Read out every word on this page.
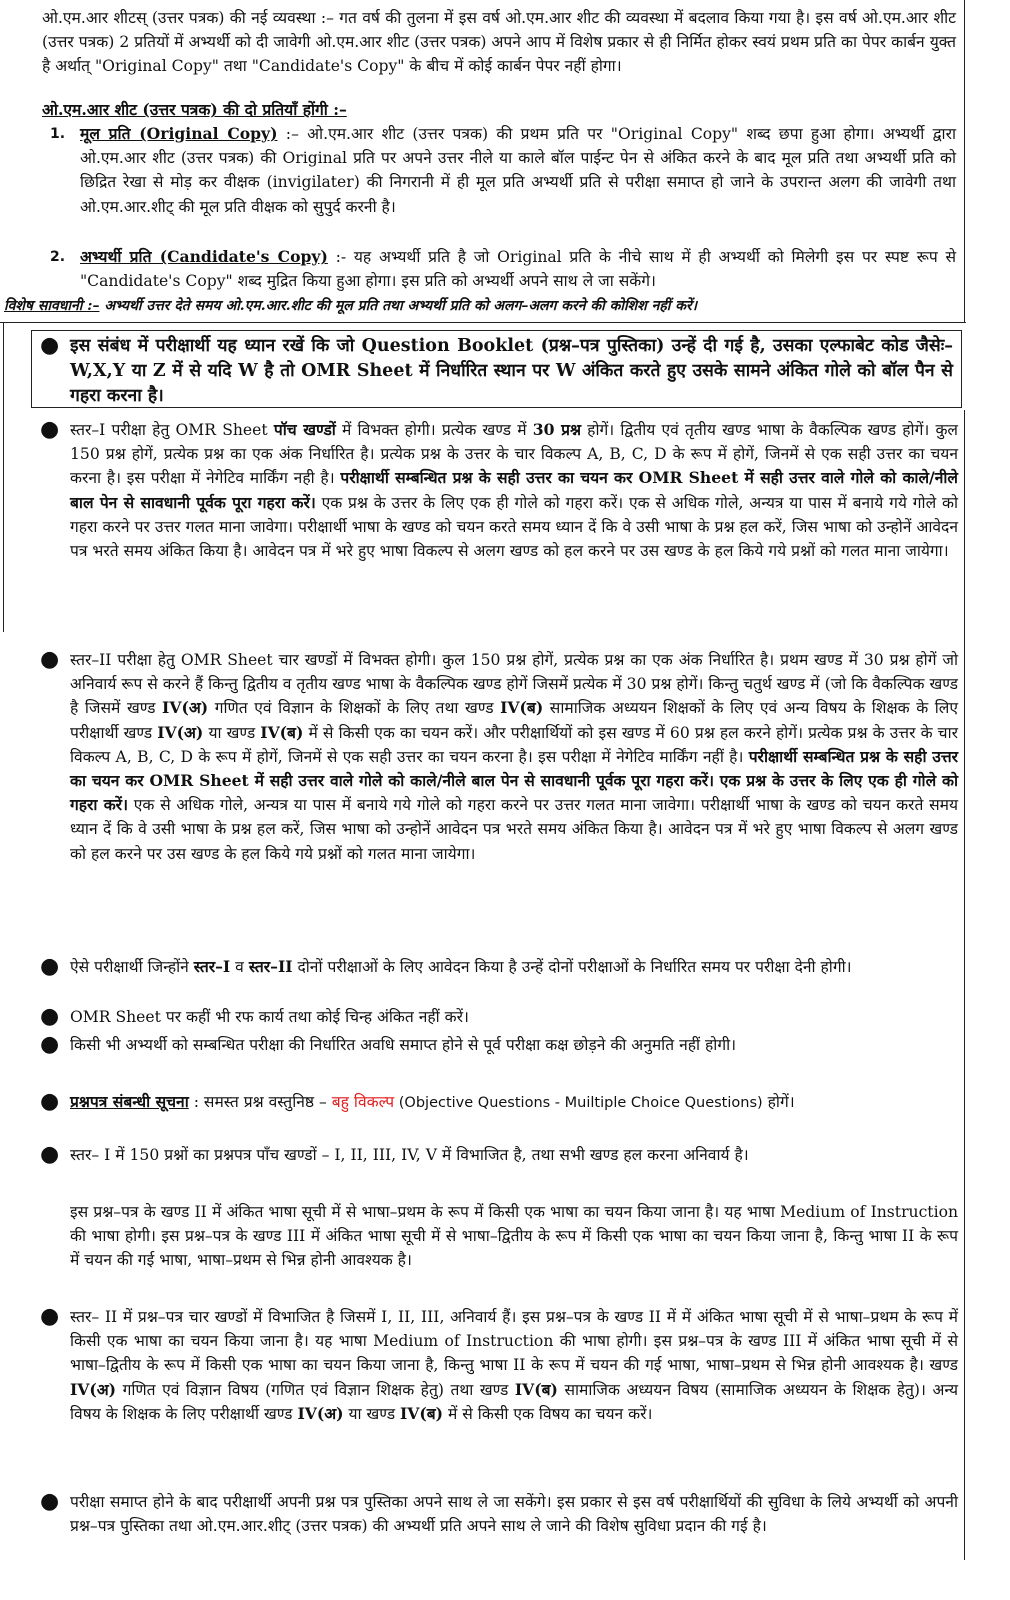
ओ.एम.आर शीटस् (उत्तर पत्रक) की नई व्यवस्था :– गत वर्ष की तुलना में इस वर्ष ओ.एम.आर शीट की व्यवस्था में बदलाव किया गया है। इस वर्ष ओ.एम.आर शीट (उत्तर पत्रक) 2 प्रतियों में अभ्यर्थी को दी जावेगी ओ.एम.आर शीट (उत्तर पत्रक) अपने आप में विशेष प्रकार से ही निर्मित होकर स्वयं प्रथम प्रति का पेपर कार्बन युक्त है अर्थात् "Original Copy" तथा "Candidate's Copy" के बीच में कोई कार्बन पेपर नहीं होगा।

ओ.एम.आर शीट (उत्तर पत्रक) की दो प्रतियाँ होंगी :–

1. मूल प्रति (Original Copy) :– ओ.एम.आर शीट (उत्तर पत्रक) की प्रथम प्रति पर "Original Copy" शब्द छपा हुआ होगा। अभ्यर्थी द्वारा ओ.एम.आर शीट (उत्तर पत्रक) की Original प्रति पर अपने उत्तर नीले या काले बॉल पाईन्ट पेन से अंकित करने के बाद मूल प्रति तथा अभ्यर्थी प्रति को छिद्रित रेखा से मोड़ कर वीक्षक (invigilater) की निगरानी में ही मूल प्रति अभ्यर्थी प्रति से परीक्षा समाप्त हो जाने के उपरान्त अलग की जावेगी तथा ओ.एम.आर.शीट् की मूल प्रति वीक्षक को सुपुर्द करनी है।
2. अभ्यर्थी प्रति (Candidate's Copy) :- यह अभ्यर्थी प्रति है जो Original प्रति के नीचे साथ में ही अभ्यर्थी को मिलेगी इस पर स्पष्ट रूप से "Candidate's Copy" शब्द मुद्रित किया हुआ होगा। इस प्रति को अभ्यर्थी अपने साथ ले जा सकेंगे।

विशेष सावधानी :– अभ्यर्थी उत्तर देते समय ओ.एम.आर.शीट की मूल प्रति तथा अभ्यर्थी प्रति को अलग–अलग करने की कोशिश नहीं करें।

● इस संबंध में परीक्षार्थी यह ध्यान रखें कि जो Question Booklet (प्रश्न–पत्र पुस्तिका) उन्हें दी गई है, उसका एल्फाबेट कोड जैसेः– W,X,Y या Z में से यदि W है तो OMR Sheet में निर्धारित स्थान पर W अंकित करते हुए उसके सामने अंकित गोले को बॉल पैन से गहरा करना है।

● स्तर–I परीक्षा हेतु OMR Sheet पॉच खण्डों में विभक्त होगी। प्रत्येक खण्ड में 30 प्रश्न होगें। द्वितीय एवं तृतीय खण्ड भाषा के वैकल्पिक खण्ड होगें। कुल 150 प्रश्न होगें, प्रत्येक प्रश्न का एक अंक निर्धारित है। प्रत्येक प्रश्न के उत्तर के चार विकल्प A, B, C, D के रूप में होगें, जिनमें से एक सही उत्तर का चयन करना है। इस परीक्षा में नेगेटिव मार्किंग नही है। परीक्षार्थी सम्बन्धित प्रश्न के सही उत्तर का चयन कर OMR Sheet में सही उत्तर वाले गोले को काले/नीले बाल पेन से सावधानी पूर्वक पूरा गहरा करें। एक प्रश्न के उत्तर के लिए एक ही गोले को गहरा करें। एक से अधिक गोले, अन्यत्र या पास में बनाये गये गोले को गहरा करने पर उत्तर गलत माना जावेगा। परीक्षार्थी भाषा के खण्ड को चयन करते समय ध्यान दें कि वे उसी भाषा के प्रश्न हल करें, जिस भाषा को उन्होनें आवेदन पत्र भरते समय अंकित किया है। आवेदन पत्र में भरे हुए भाषा विकल्प से अलग खण्ड को हल करने पर उस खण्ड के हल किये गये प्रश्नों को गलत माना जायेगा।
● स्तर–II परीक्षा हेतु OMR Sheet चार खण्डों में विभक्त होगी। कुल 150 प्रश्न होगें, प्रत्येक प्रश्न का एक अंक निर्धारित है। प्रथम खण्ड में 30 प्रश्न होगें जो अनिवार्य रूप से करने हैं किन्तु द्वितीय व तृतीय खण्ड भाषा के वैकल्पिक खण्ड होगें जिसमें प्रत्येक में 30 प्रश्न होगें। किन्तु चतुर्थ खण्ड में (जो कि वैकल्पिक खण्ड है जिसमें खण्ड IV(अ) गणित एवं विज्ञान के शिक्षकों के लिए तथा खण्ड IV(ब) सामाजिक अध्ययन शिक्षकों के लिए एवं अन्य विषय के शिक्षक के लिए परीक्षार्थी खण्ड IV(अ) या खण्ड IV(ब) में से किसी एक का चयन करें। और परीक्षार्थियों को इस खण्ड में 60 प्रश्न हल करने होगें। प्रत्येक प्रश्न के उत्तर के चार विकल्प A, B, C, D के रूप में होगें, जिनमें से एक सही उत्तर का चयन करना है। इस परीक्षा में नेगेटिव मार्किंग नहीं है। परीक्षार्थी सम्बन्धित प्रश्न के सही उत्तर का चयन कर OMR Sheet में सही उत्तर वाले गोले को काले/नीले बाल पेन से सावधानी पूर्वक पूरा गहरा करें। एक प्रश्न के उत्तर के लिए एक ही गोले को गहरा करें। एक से अधिक गोले, अन्यत्र या पास में बनाये गये गोले को गहरा करने पर उत्तर गलत माना जावेगा। परीक्षार्थी भाषा के खण्ड को चयन करते समय ध्यान दें कि वे उसी भाषा के प्रश्न हल करें, जिस भाषा को उन्होनें आवेदन पत्र भरते समय अंकित किया है। आवेदन पत्र में भरे हुए भाषा विकल्प से अलग खण्ड को हल करने पर उस खण्ड के हल किये गये प्रश्नों को गलत माना जायेगा।
● ऐसे परीक्षार्थी जिन्होंने स्तर–I व स्तर–II दोनों परीक्षाओं के लिए आवेदन किया है उन्हें दोनों परीक्षाओं के निर्धारित समय पर परीक्षा देनी होगी।
● OMR Sheet पर कहीं भी रफ कार्य तथा कोई चिन्ह अंकित नहीं करें।
● किसी भी अभ्यर्थी को सम्बन्धित परीक्षा की निर्धारित अवधि समाप्त होने से पूर्व परीक्षा कक्ष छोड़ने की अनुमति नहीं होगी।
● प्रश्नपत्र संबन्धी सूचना : समस्त प्रश्न वस्तुनिष्ठ – बहु विकल्प (Objective Questions - Muiltiple Choice Questions) होगें।
● स्तर– I में 150 प्रश्नों का प्रश्नपत्र पाँच खण्डों – I, II, III, IV, V में विभाजित है, तथा सभी खण्ड हल करना अनिवार्य है।
इस प्रश्न–पत्र के खण्ड II में अंकित भाषा सूची में से भाषा–प्रथम के रूप में किसी एक भाषा का चयन किया जाना है। यह भाषा Medium of Instruction की भाषा होगी। इस प्रश्न–पत्र के खण्ड III में अंकित भाषा सूची में से भाषा–द्वितीय के रूप में किसी एक भाषा का चयन किया जाना है, किन्तु भाषा II के रूप में चयन की गई भाषा, भाषा–प्रथम से भिन्न होनी आवश्यक है।
● स्तर– II में प्रश्न–पत्र चार खण्डों में विभाजित है जिसमें I, II, III, अनिवार्य हैं। इस प्रश्न–पत्र के खण्ड II में में अंकित भाषा सूची में से भाषा–प्रथम के रूप में किसी एक भाषा का चयन किया जाना है। यह भाषा Medium of Instruction की भाषा होगी। इस प्रश्न–पत्र के खण्ड III में अंकित भाषा सूची में से भाषा–द्वितीय के रूप में किसी एक भाषा का चयन किया जाना है, किन्तु भाषा II के रूप में चयन की गई भाषा, भाषा–प्रथम से भिन्न होनी आवश्यक है। खण्ड IV(अ) गणित एवं विज्ञान विषय (गणित एवं विज्ञान शिक्षक हेतु) तथा खण्ड IV(ब) सामाजिक अध्ययन विषय (सामाजिक अध्ययन के शिक्षक हेतु)। अन्य विषय के शिक्षक के लिए परीक्षार्थी खण्ड IV(अ) या खण्ड IV(ब) में से किसी एक विषय का चयन करें।
● परीक्षा समाप्त होने के बाद परीक्षार्थी अपनी प्रश्न पत्र पुस्तिका अपने साथ ले जा सकेंगे। इस प्रकार से इस वर्ष परीक्षार्थियों की सुविधा के लिये अभ्यर्थी को अपनी प्रश्न–पत्र पुस्तिका तथा ओ.एम.आर.शीट् (उत्तर पत्रक) की अभ्यर्थी प्रति अपने साथ ले जाने की विशेष सुविधा प्रदान की गई है।
